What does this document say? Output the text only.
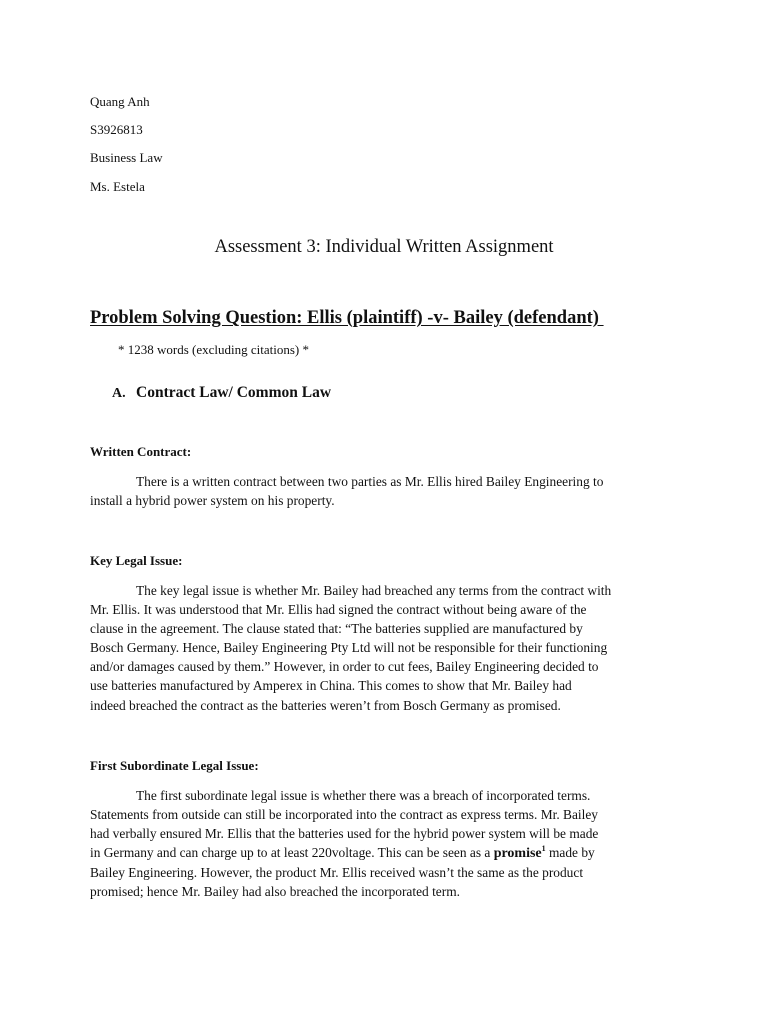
Quang Anh
S3926813
Business Law
Ms. Estela
Assessment 3: Individual Written Assignment
Problem Solving Question: Ellis (plaintiff) -v- Bailey (defendant)
* 1238 words (excluding citations) *
A. Contract Law/ Common Law
Written Contract:
There is a written contract between two parties as Mr. Ellis hired Bailey Engineering to
install a hybrid power system on his property.
Key Legal Issue:
The key legal issue is whether Mr. Bailey had breached any terms from the contract with
Mr. Ellis. It was understood that Mr. Ellis had signed the contract without being aware of the
clause in the agreement. The clause stated that: “The batteries supplied are manufactured by
Bosch Germany. Hence, Bailey Engineering Pty Ltd will not be responsible for their functioning
and/or damages caused by them.” However, in order to cut fees, Bailey Engineering decided to
use batteries manufactured by Amperex in China. This comes to show that Mr. Bailey had
indeed breached the contract as the batteries weren’t from Bosch Germany as promised.
First Subordinate Legal Issue:
The first subordinate legal issue is whether there was a breach of incorporated terms.
Statements from outside can still be incorporated into the contract as express terms. Mr. Bailey
had verbally ensured Mr. Ellis that the batteries used for the hybrid power system will be made
in Germany and can charge up to at least 220voltage. This can be seen as a promise$^1$ made by
Bailey Engineering. However, the product Mr. Ellis received wasn’t the same as the product
promised; hence Mr. Bailey had also breached the incorporated term.
